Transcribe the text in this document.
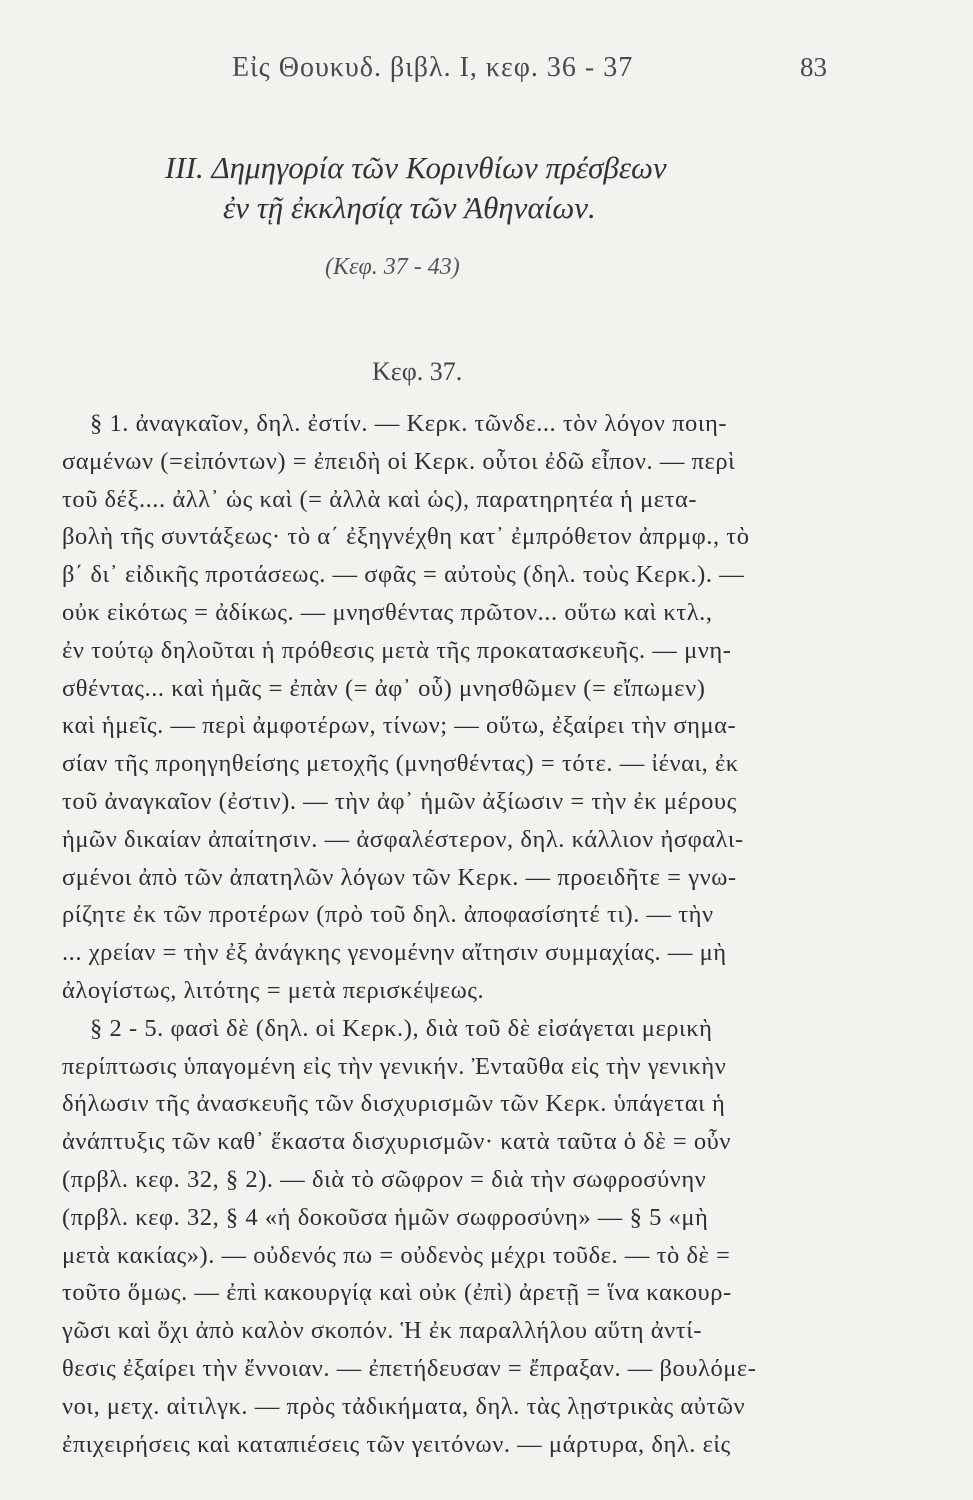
Εἰς Θουκυδ. βιβλ. I, κεφ. 36 - 37	83
III. Δημηγορία τῶν Κορινθίων πρέσβεων
ἐν τῇ ἐκκλησίᾳ τῶν Ἀθηναίων.
(Κεφ. 37 - 43)
Κεφ. 37.
§ 1. ἀναγκαῖον, δηλ. ἐστίν. — Κερκ. τῶνδε... τὸν λόγον ποιη-
σαμένων (=εἰπόντων) = ἐπειδὴ οἱ Κερκ. οὗτοι ἐδῶ εἶπον. — περὶ
τοῦ δέξ.... ἀλλ᾽ ὡς καὶ (= ἀλλὰ καὶ ὡς), παρατηρητέα ἡ μετα-
βολὴ τῆς συντάξεως· τὸ α΄ ἐξηγνέχθη κατ᾽ ἐμπρόθετον ἀπρμφ., τὸ
β΄ δι᾽ εἰδικῆς προτάσεως. — σφᾶς = αὐτοὺς (δηλ. τοὺς Κερκ.). —
οὐκ εἰκότως = ἀδίκως. — μνησθέντας πρῶτον... οὕτω καὶ κτλ.,
ἐν τούτῳ δηλοῦται ἡ πρόθεσις μετὰ τῆς προκατασκευῆς. — μνη-
σθέντας... καὶ ἡμᾶς = ἐπὰν (= ἀφ᾽ οὗ) μνησθῶμεν (= εἴπωμεν)
καὶ ἡμεῖς. — περὶ ἀμφοτέρων, τίνων; — οὕτω, ἐξαίρει τὴν σημα-
σίαν τῆς προηγηθείσης μετοχῆς (μνησθέντας) = τότε. — ἰέναι, ἐκ
τοῦ ἀναγκαῖον (ἐστιν). — τὴν ἀφ᾽ ἡμῶν ἀξίωσιν = τὴν ἐκ μέρους
ἡμῶν δικαίαν ἀπαίτησιν. — ἀσφαλέστερον, δηλ. κάλλιον ἠσφαλι-
σμένοι ἀπὸ τῶν ἀπατηλῶν λόγων τῶν Κερκ. — προειδῆτε = γνω-
ρίζητε ἐκ τῶν προτέρων (πρὸ τοῦ δηλ. ἀποφασίσητέ τι). — τὴν
... χρείαν = τὴν ἐξ ἀνάγκης γενομένην αἴτησιν συμμαχίας. — μὴ
ἀλογίστως, λιτότης = μετὰ περισκέψεως.
§ 2 - 5. φασὶ δὲ (δηλ. οἱ Κερκ.), διὰ τοῦ δὲ εἰσάγεται μερικὴ
περίπτωσις ὑπαγομένη εἰς τὴν γενικήν. Ἐνταῦθα εἰς τὴν γενικὴν
δήλωσιν τῆς ἀνασκευῆς τῶν δισχυρισμῶν τῶν Κερκ. ὑπάγεται ἡ
ἀνάπτυξις τῶν καθ᾽ ἕκαστα δισχυρισμῶν· κατὰ ταῦτα ὁ δὲ = οὖν
(πρβλ. κεφ. 32, § 2). — διὰ τὸ σῶφρον = διὰ τὴν σωφροσύνην
(πρβλ. κεφ. 32, § 4 «ἡ δοκοῦσα ἡμῶν σωφροσύνη» — § 5 «μὴ
μετὰ κακίας»). — οὐδενός πω = οὐδενὸς μέχρι τοῦδε. — τὸ δὲ =
τοῦτο ὅμως. — ἐπὶ κακουργίᾳ καὶ οὐκ (ἐπὶ) ἀρετῇ = ἵνα κακουρ-
γῶσι καὶ ὄχι ἀπὸ καλὸν σκοπόν. Ἡ ἐκ παραλλήλου αὕτη ἀντί-
θεσις ἐξαίρει τὴν ἔννοιαν. — ἐπετήδευσαν = ἔπραξαν. — βουλόμε-
νοι, μετχ. αἰτιλγκ. — πρὸς τἀδικήματα, δηλ. τὰς λῃστρικὰς αὐτῶν
ἐπιχειρήσεις καὶ καταπιέσεις τῶν γειτόνων. — μάρτυρα, δηλ. εἰς
